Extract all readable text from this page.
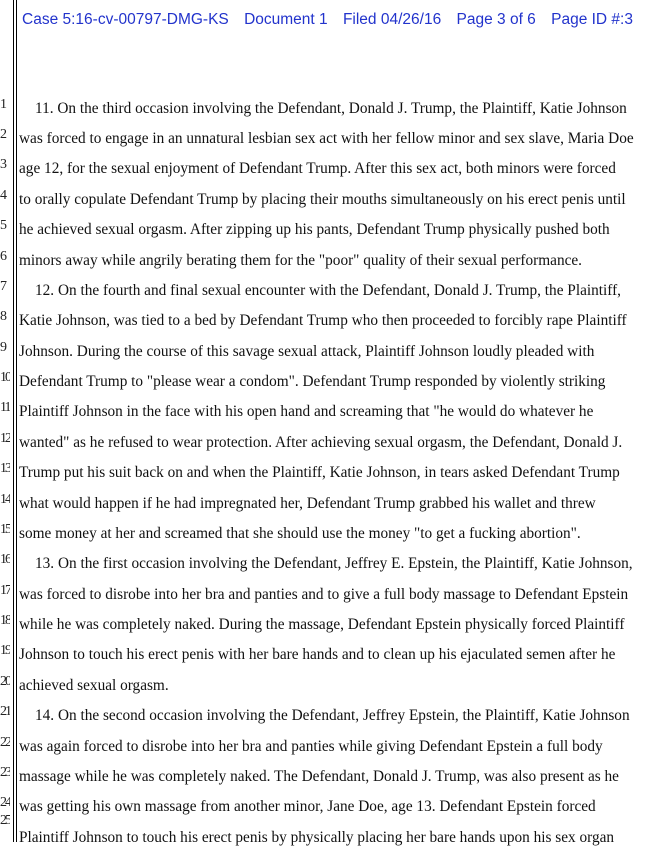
Case 5:16-cv-00797-DMG-KS Document 1 Filed 04/26/16 Page 3 of 6 Page ID #:3
1
2
3
4
5
6
7
8
9
10
11
12
13
14
15
16
17
18
19
20
21
22
23
24
25
11. On the third occasion involving the Defendant, Donald J. Trump, the Plaintiff, Katie Johnson
was forced to engage in an unnatural lesbian sex act with her fellow minor and sex slave, Maria Doe
age 12, for the sexual enjoyment of Defendant Trump. After this sex act, both minors were forced
to orally copulate Defendant Trump by placing their mouths simultaneously on his erect penis until
he achieved sexual orgasm. After zipping up his pants, Defendant Trump physically pushed both
minors away while angrily berating them for the "poor" quality of their sexual performance.
12. On the fourth and final sexual encounter with the Defendant, Donald J. Trump, the Plaintiff,
Katie Johnson, was tied to a bed by Defendant Trump who then proceeded to forcibly rape Plaintiff
Johnson. During the course of this savage sexual attack, Plaintiff Johnson loudly pleaded with
Defendant Trump to "please wear a condom". Defendant Trump responded by violently striking
Plaintiff Johnson in the face with his open hand and screaming that "he would do whatever he
wanted" as he refused to wear protection. After achieving sexual orgasm, the Defendant, Donald J.
Trump put his suit back on and when the Plaintiff, Katie Johnson, in tears asked Defendant Trump
what would happen if he had impregnated her, Defendant Trump grabbed his wallet and threw
some money at her and screamed that she should use the money "to get a fucking abortion".
13. On the first occasion involving the Defendant, Jeffrey E. Epstein, the Plaintiff, Katie Johnson,
was forced to disrobe into her bra and panties and to give a full body massage to Defendant Epstein
while he was completely naked. During the massage, Defendant Epstein physically forced Plaintiff
Johnson to touch his erect penis with her bare hands and to clean up his ejaculated semen after he
achieved sexual orgasm.
14. On the second occasion involving the Defendant, Jeffrey Epstein, the Plaintiff, Katie Johnson
was again forced to disrobe into her bra and panties while giving Defendant Epstein a full body
massage while he was completely naked. The Defendant, Donald J. Trump, was also present as he
was getting his own massage from another minor, Jane Doe, age 13. Defendant Epstein forced
Plaintiff Johnson to touch his erect penis by physically placing her bare hands upon his sex organ
